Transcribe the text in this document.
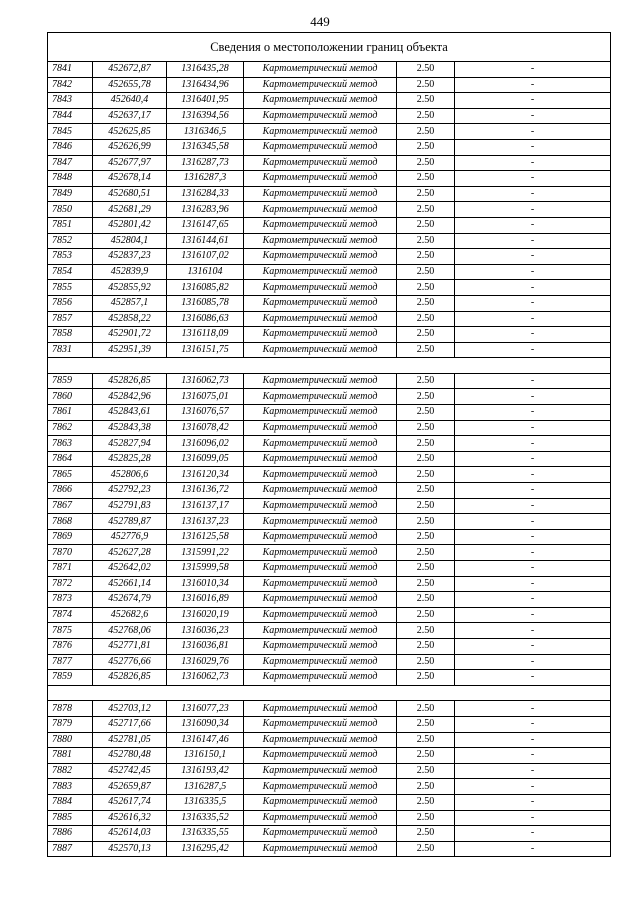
449
Сведения о местоположении границ объекта					
7841	452672,87	1316435,28	Картометрический метод	2.50	-
7842	452655,78	1316434,96	Картометрический метод	2.50	-
7843	452640,4	1316401,95	Картометрический метод	2.50	-
7844	452637,17	1316394,56	Картометрический метод	2.50	-
7845	452625,85	1316346,5	Картометрический метод	2.50	-
7846	452626,99	1316345,58	Картометрический метод	2.50	-
7847	452677,97	1316287,73	Картометрический метод	2.50	-
7848	452678,14	1316287,3	Картометрический метод	2.50	-
7849	452680,51	1316284,33	Картометрический метод	2.50	-
7850	452681,29	1316283,96	Картометрический метод	2.50	-
7851	452801,42	1316147,65	Картометрический метод	2.50	-
7852	452804,1	1316144,61	Картометрический метод	2.50	-
7853	452837,23	1316107,02	Картометрический метод	2.50	-
7854	452839,9	1316104	Картометрический метод	2.50	-
7855	452855,92	1316085,82	Картометрический метод	2.50	-
7856	452857,1	1316085,78	Картометрический метод	2.50	-
7857	452858,22	1316086,63	Картометрический метод	2.50	-
7858	452901,72	1316118,09	Картометрический метод	2.50	-
7831	452951,39	1316151,75	Картометрический метод	2.50	-

7859	452826,85	1316062,73	Картометрический метод	2.50	-
7860	452842,96	1316075,01	Картометрический метод	2.50	-
7861	452843,61	1316076,57	Картометрический метод	2.50	-
7862	452843,38	1316078,42	Картометрический метод	2.50	-
7863	452827,94	1316096,02	Картометрический метод	2.50	-
7864	452825,28	1316099,05	Картометрический метод	2.50	-
7865	452806,6	1316120,34	Картометрический метод	2.50	-
7866	452792,23	1316136,72	Картометрический метод	2.50	-
7867	452791,83	1316137,17	Картометрический метод	2.50	-
7868	452789,87	1316137,23	Картометрический метод	2.50	-
7869	452776,9	1316125,58	Картометрический метод	2.50	-
7870	452627,28	1315991,22	Картометрический метод	2.50	-
7871	452642,02	1315999,58	Картометрический метод	2.50	-
7872	452661,14	1316010,34	Картометрический метод	2.50	-
7873	452674,79	1316016,89	Картометрический метод	2.50	-
7874	452682,6	1316020,19	Картометрический метод	2.50	-
7875	452768,06	1316036,23	Картометрический метод	2.50	-
7876	452771,81	1316036,81	Картометрический метод	2.50	-
7877	452776,66	1316029,76	Картометрический метод	2.50	-
7859	452826,85	1316062,73	Картометрический метод	2.50	-

7878	452703,12	1316077,23	Картометрический метод	2.50	-
7879	452717,66	1316090,34	Картометрический метод	2.50	-
7880	452781,05	1316147,46	Картометрический метод	2.50	-
7881	452780,48	1316150,1	Картометрический метод	2.50	-
7882	452742,45	1316193,42	Картометрический метод	2.50	-
7883	452659,87	1316287,5	Картометрический метод	2.50	-
7884	452617,74	1316335,5	Картометрический метод	2.50	-
7885	452616,32	1316335,52	Картометрический метод	2.50	-
7886	452614,03	1316335,55	Картометрический метод	2.50	-
7887	452570,13	1316295,42	Картометрический метод	2.50	-
